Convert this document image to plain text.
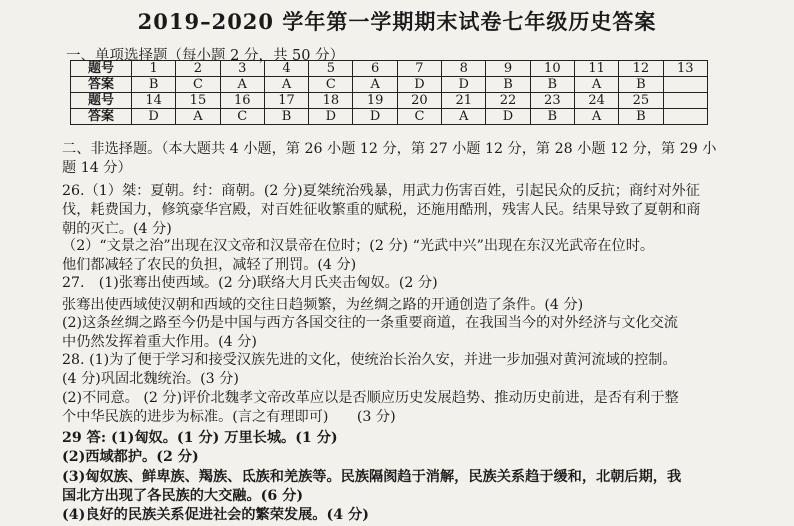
2019–2020 学年第一学期期末试卷七年级历史答案
一、单项选择题（每小题 2 分，共 50 分）
题号	1	2	3	4	5	6	7	8	9	10	11	12	13
答案	B	C	A	A	C	A	D	D	B	B	A	B	
题号	14	15	16	17	18	19	20	21	22	23	24	25	
答案	D	A	C	B	D	D	C	A	D	B	A	B	
二、非选择题。（本大题共 4 小题，第 26 小题 12 分，第 27 小题 12 分，第 28 小题 12 分，第 29 小
题 14 分）
26.（1）桀：夏朝。纣：商朝。(2 分)夏桀统治残暴，用武力伤害百姓，引起民众的反抗；商纣对外征
伐，耗费国力，修筑豪华宫殿，对百姓征收繁重的赋税，还施用酷刑，残害人民。结果导致了夏朝和商
朝的灭亡。(4 分)
（2）“文景之治”出现在汉文帝和汉景帝在位时；(2 分) “光武中兴”出现在东汉光武帝在位时。
他们都减轻了农民的负担，减轻了刑罚。(4 分)
27.　(1)张骞出使西域。(2 分)联络大月氏夹击匈奴。(2 分)
张骞出使西域使汉朝和西域的交往日趋频繁，为丝绸之路的开通创造了条件。(4 分)
(2)这条丝绸之路至今仍是中国与西方各国交往的一条重要商道，在我国当今的对外经济与文化交流
中仍然发挥着重大作用。(4 分)
28. (1)为了便于学习和接受汉族先进的文化，使统治长治久安，并进一步加强对黄河流域的控制。
(4 分)巩固北魏统治。(3 分)
(2)不同意。 (2 分)评价北魏孝文帝改革应以是否顺应历史发展趋势、推动历史前进，是否有利于整
个中华民族的进步为标准。(言之有理即可)　　(3 分)
29 答: (1)匈奴。(1 分) 万里长城。(1 分)
(2)西域都护。(2 分)
(3)匈奴族、鲜卑族、羯族、氐族和羌族等。民族隔阂趋于消解，民族关系趋于缓和，北朝后期，我
国北方出现了各民族的大交融。(6 分)
(4)良好的民族关系促进社会的繁荣发展。(4 分)
